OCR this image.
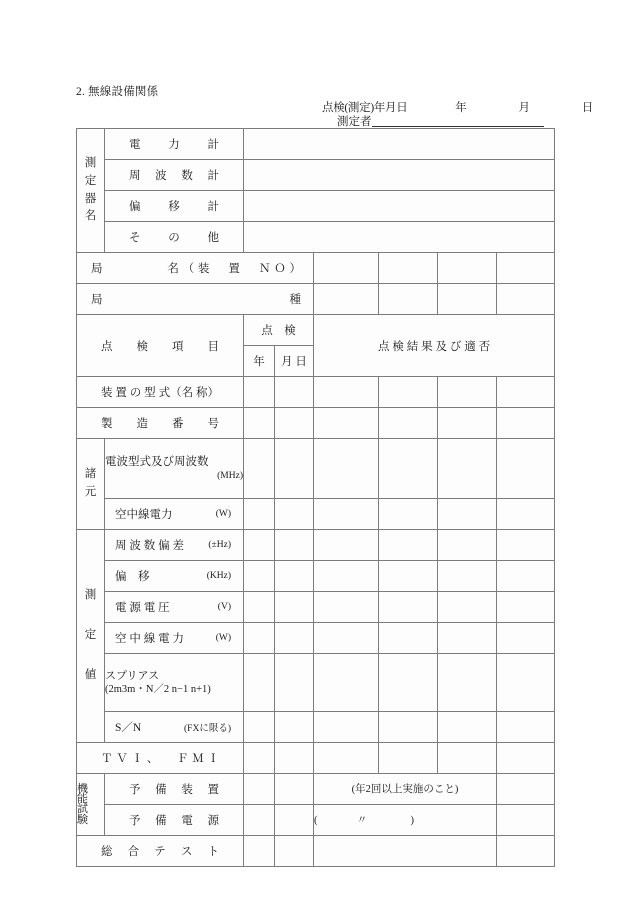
2. 無線設備関係
点検(測定)年月日	年	月	日
測定者
測
定
器
名	電　　力　　計						

	周　波　数　計						

	偏　　移　　計						

	そ　　の　　他						

局　　　　名（装　置　ＮＯ）							

局　　　　　　　　　　種							

点　検　項　目		点　検		点 検 結 果 及 び 適 否			
		年	月 日				

装 置 の 型 式（名 称）							

製　　造　　番　　号							

諸
元	電波型式及び周波数
(MHz)						

	空中線電力 (W)						

測
定
値	周 波 数 偏 差 (±Hz)						

	偏　移 (KHz)						

	電 源 電 圧 (V)						

	空 中 線 電 力 (W)						

	スプリアス
(2m3m・N／2 n−1 n+1)						

	S／N (FXに限る)						

Ｔ Ｖ Ｉ 、　　Ｆ Ｍ Ｉ							

機
能
試
験	予　備　装　置			(年2回以上実施のこと)			

	予　備　電　源			( 〃 )			

総　合　テ　ス　ト							
